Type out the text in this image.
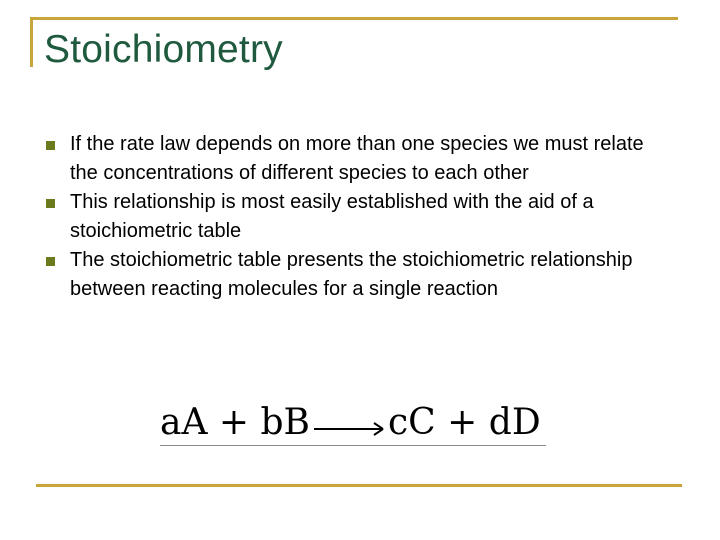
Stoichiometry
If the rate law depends on more than one species we must relate the concentrations of different species to each other
This relationship is most easily established with the aid of a stoichiometric table
The stoichiometric table presents the stoichiometric relationship between reacting molecules for a single reaction
aA + bB → cC + dD
